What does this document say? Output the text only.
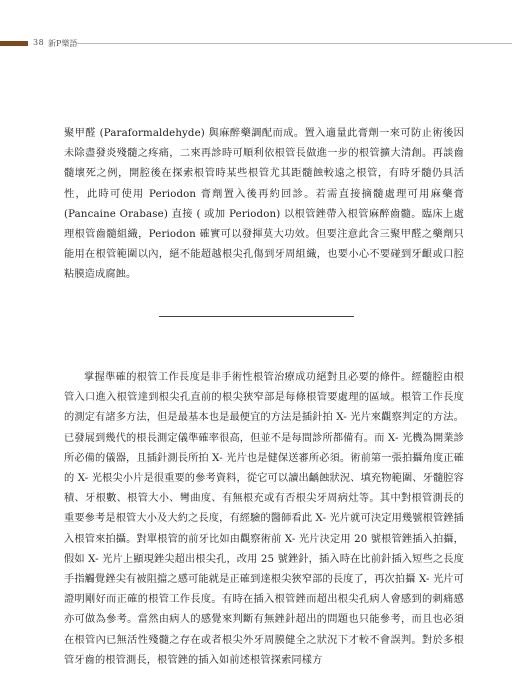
38 新P樂語

聚甲醛 (Paraformaldehyde) 與麻醉藥調配而成。置入適量此膏劑一來可防止術後因未除盡發炎殘髓之疼痛，二來再診時可順利依根管長做進一步的根管擴大清創。再談齒髓壞死之例，開腔後在探索根管時某些根管尤其距髓蝕較遠之根管，有時牙髓仍具活性，此時可使用 Periodon 膏劑置入後再約回診。若需直接摘髓處理可用麻藥膏 (Pancaine Orabase) 直接 ( 或加 Periodon) 以根管銼帶入根管麻醉齒髓。臨床上處理根管齒髓組織，Periodon 確實可以發揮莫大功效。但要注意此含三聚甲醛之藥劑只能用在根管範圍以內，絕不能超越根尖孔傷到牙周組織，也要小心不要碰到牙齦或口腔粘膜造成腐蝕。

掌握準確的根管工作長度是非手術性根管治療成功絕對且必要的條件。經髓腔由根管入口進入根管達到根尖孔直前的根尖狹窄部是每條根管要處理的區域。根管工作長度的測定有諸多方法，但是最基本也是最便宜的方法是插針拍 X- 光片來觀察判定的方法。已發展到幾代的根長測定儀準確率很高，但並不是每間診所都備有。而 X- 光機為開業診所必備的儀器，且插針測長所拍 X- 光片也是健保送審所必須。術前第一張拍攝角度正確的 X- 光根尖小片是很重要的參考資料，從它可以讀出齲蝕狀況、填充物範圍、牙髓腔容積、牙根數、根管大小、彎曲度、有無根充或有否根尖牙周病灶等。其中對根管測長的重要參考是根管大小及大約之長度，有經驗的醫師看此 X- 光片就可決定用幾號根管銼插入根管來拍攝。對單根管的前牙比如由觀察術前 X- 光片決定用 20 號根管銼插入拍攝，假如 X- 光片上顯現銼尖超出根尖孔，改用 25 號銼針，插入時在比前針插入短些之長度手指觸覺銼尖有被阻擋之感可能就是正確到達根尖狹窄部的長度了，再次拍攝 X- 光片可證明剛好而正確的根管工作長度。有時在插入根管銼而超出根尖孔病人會感到的刺痛感亦可做為參考。當然由病人的感覺來判斷有無銼針超出的問題也只能參考，而且也必須在根管內已無活性殘髓之存在或者根尖外牙周膜健全之狀況下才較不會誤判。對於多根管牙齒的根管測長，根管銼的插入如前述根管探索同樣方
